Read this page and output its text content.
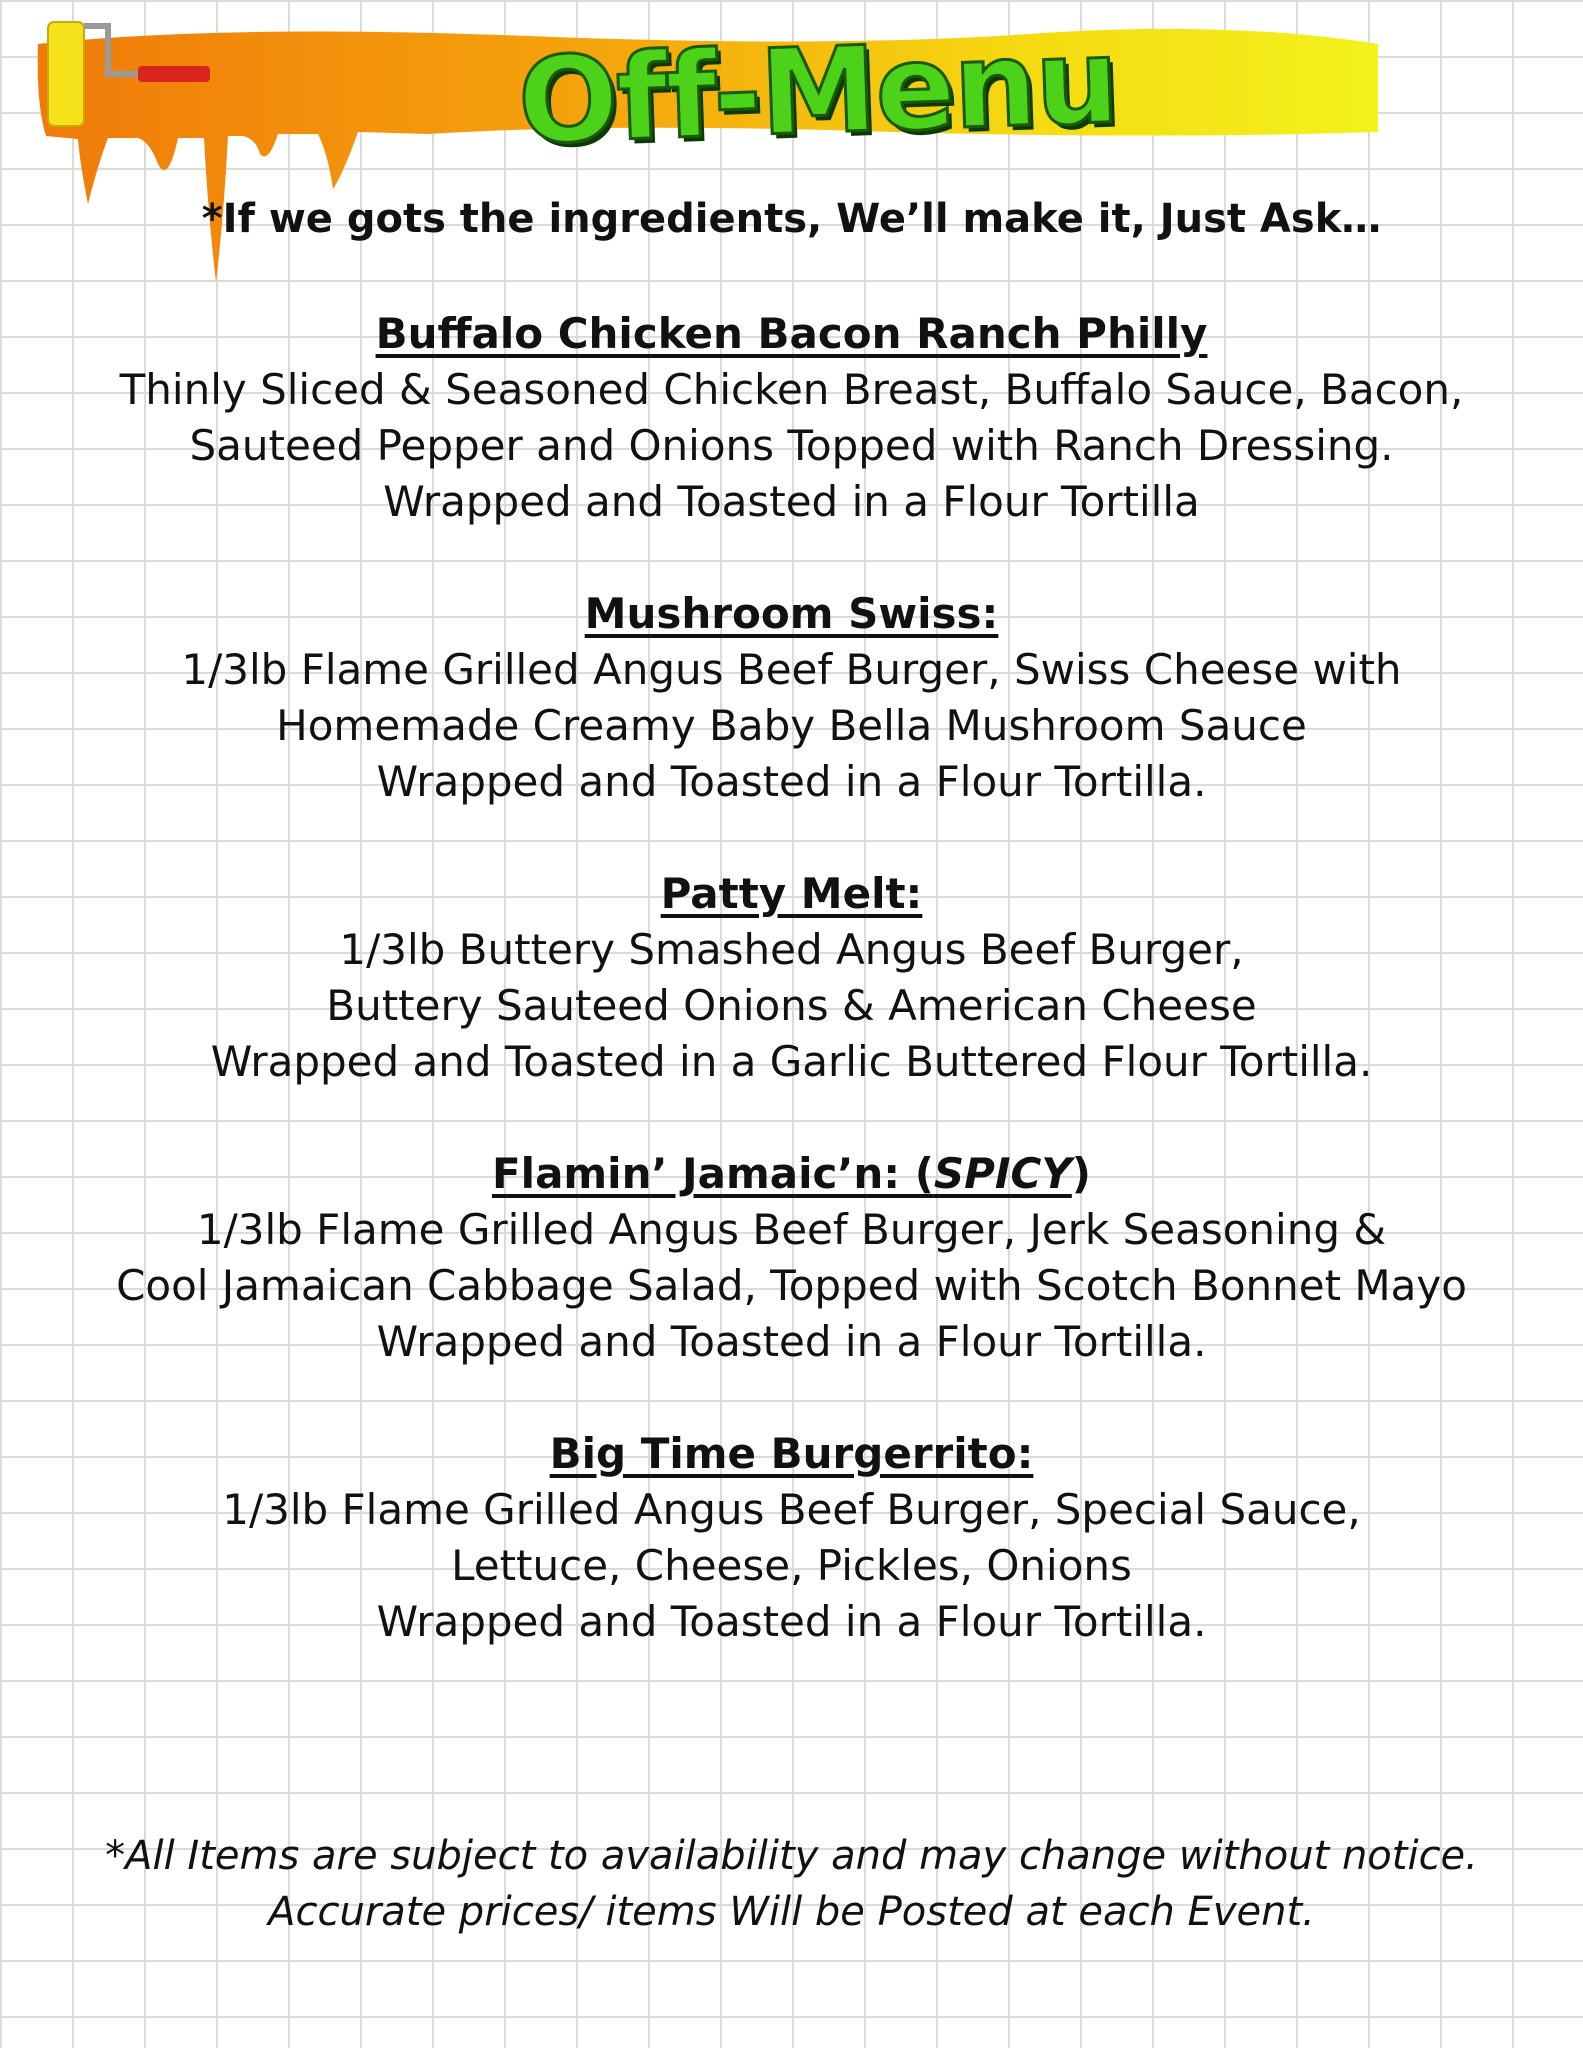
Off-Menu
*If we gots the ingredients, We’ll make it, Just Ask…
Buffalo Chicken Bacon Ranch Philly
Thinly Sliced & Seasoned Chicken Breast, Buffalo Sauce, Bacon,
Sauteed Pepper and Onions Topped with Ranch Dressing.
Wrapped and Toasted in a Flour Tortilla
Mushroom Swiss:
1/3lb Flame Grilled Angus Beef Burger, Swiss Cheese with
Homemade Creamy Baby Bella Mushroom Sauce
Wrapped and Toasted in a Flour Tortilla.
Patty Melt:
1/3lb Buttery Smashed Angus Beef Burger,
Buttery Sauteed Onions & American Cheese
Wrapped and Toasted in a Garlic Buttered Flour Tortilla.
Flamin’ Jamaic’n: (SPICY)
1/3lb Flame Grilled Angus Beef Burger, Jerk Seasoning &
Cool Jamaican Cabbage Salad, Topped with Scotch Bonnet Mayo
Wrapped and Toasted in a Flour Tortilla.
Big Time Burgerrito:
1/3lb Flame Grilled Angus Beef Burger, Special Sauce,
Lettuce, Cheese, Pickles, Onions
Wrapped and Toasted in a Flour Tortilla.
*All Items are subject to availability and may change without notice.
Accurate prices/ items Will be Posted at each Event.
